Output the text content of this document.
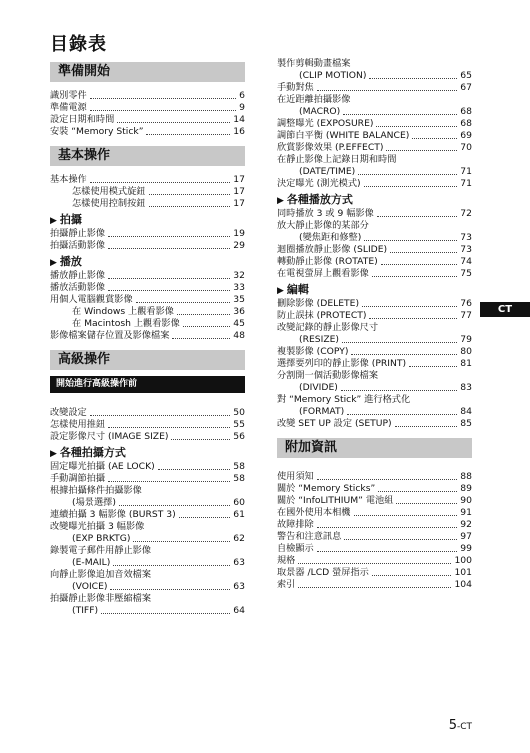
目錄表
準備開始
識別零件	6
準備電源	9
設定日期和時間	14
安裝 “Memory Stick”	16
基本操作
基本操作	17
怎樣使用模式旋鈕	17
怎樣使用控制按鈕	17
▶ 拍攝
拍攝靜止影像	19
拍攝活動影像	29
▶ 播放
播放靜止影像	32
播放活動影像	33
用個人電腦觀賞影像	35
在 Windows 上觀看影像	36
在 Macintosh 上觀看影像	45
影像檔案儲存位置及影像檔案	48
高級操作
開始進行高級操作前
改變設定	50
怎樣使用推鈕	55
設定影像尺寸 (IMAGE SIZE)	56
▶ 各種拍攝方式
固定曝光拍攝 (AE LOCK)	58
手動調節拍攝	58
根據拍攝條件拍攝影像
(場景選擇)	60
連續拍攝 3 幅影像 (BURST 3)	61
改變曝光拍攝 3 幅影像
(EXP BRKTG)	62
錄製電子郵件用靜止影像
(E-MAIL)	63
向靜止影像追加音效檔案
(VOICE)	63
拍攝靜止影像非壓縮檔案
(TIFF)	64
製作剪輯動畫檔案
(CLIP MOTION)	65
手動對焦	67
在近距離拍攝影像
(MACRO)	68
調整曝光 (EXPOSURE)	68
調節白平衡 (WHITE BALANCE)	69
欣賞影像效果 (P.EFFECT)	70
在靜止影像上記錄日期和時間
(DATE/TIME)	71
決定曝光 (測光模式)	71
▶ 各種播放方式
同時播放 3 或 9 幅影像	72
放大靜止影像的某部分
(變焦距和修整)	73
迴圈播放靜止影像 (SLIDE)	73
轉動靜止影像 (ROTATE)	74
在電視螢屏上觀看影像	75
▶ 編輯
刪除影像 (DELETE)	76
防止誤抹 (PROTECT)	77
改變記錄的靜止影像尺寸
(RESIZE)	79
複製影像 (COPY)	80
選擇要列印的靜止影像 (PRINT)	81
分割開一個活動影像檔案
(DIVIDE)	83
對 “Memory Stick” 進行格式化
(FORMAT)	84
改變 SET UP 設定 (SETUP)	85
附加資訊
使用須知	88
關於 “Memory Sticks”	89
關於 “InfoLITHIUM” 電池組	90
在國外使用本相機	91
故障排除	92
警告和注意訊息	97
自檢顯示	99
規格	100
取景器 /LCD 螢屏指示	101
索引	104
CT
5-CT
